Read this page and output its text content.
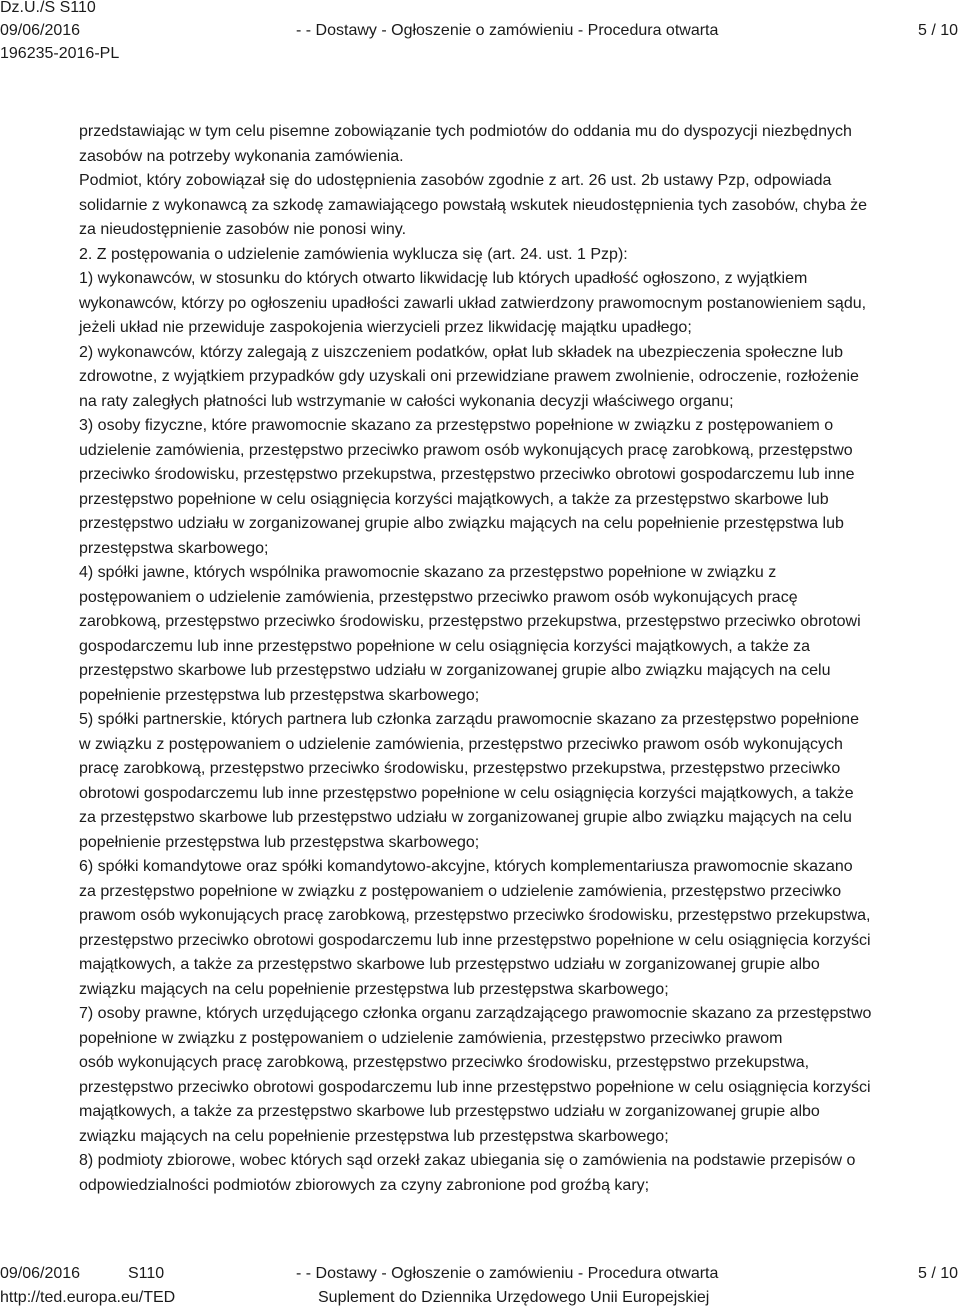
Dz.U./S S110
09/06/2016
196235-2016-PL
- - Dostawy - Ogłoszenie o zamówieniu - Procedura otwarta	5 / 10
przedstawiając w tym celu pisemne zobowiązanie tych podmiotów do oddania mu do dyspozycji niezbędnych
zasobów na potrzeby wykonania zamówienia.
Podmiot, który zobowiązał się do udostępnienia zasobów zgodnie z art. 26 ust. 2b ustawy Pzp, odpowiada
solidarnie z wykonawcą za szkodę zamawiającego powstałą wskutek nieudostępnienia tych zasobów, chyba że
za nieudostępnienie zasobów nie ponosi winy.
2. Z postępowania o udzielenie zamówienia wyklucza się (art. 24. ust. 1 Pzp):
1) wykonawców, w stosunku do których otwarto likwidację lub których upadłość ogłoszono, z wyjątkiem
wykonawców, którzy po ogłoszeniu upadłości zawarli układ zatwierdzony prawomocnym postanowieniem sądu,
jeżeli układ nie przewiduje zaspokojenia wierzycieli przez likwidację majątku upadłego;
2) wykonawców, którzy zalegają z uiszczeniem podatków, opłat lub składek na ubezpieczenia społeczne lub
zdrowotne, z wyjątkiem przypadków gdy uzyskali oni przewidziane prawem zwolnienie, odroczenie, rozłożenie
na raty zaległych płatności lub wstrzymanie w całości wykonania decyzji właściwego organu;
3) osoby fizyczne, które prawomocnie skazano za przestępstwo popełnione w związku z postępowaniem o
udzielenie zamówienia, przestępstwo przeciwko prawom osób wykonujących pracę zarobkową, przestępstwo
przeciwko środowisku, przestępstwo przekupstwa, przestępstwo przeciwko obrotowi gospodarczemu lub inne
przestępstwo popełnione w celu osiągnięcia korzyści majątkowych, a także za przestępstwo skarbowe lub
przestępstwo udziału w zorganizowanej grupie albo związku mających na celu popełnienie przestępstwa lub
przestępstwa skarbowego;
4) spółki jawne, których wspólnika prawomocnie skazano za przestępstwo popełnione w związku z
postępowaniem o udzielenie zamówienia, przestępstwo przeciwko prawom osób wykonujących pracę
zarobkową, przestępstwo przeciwko środowisku, przestępstwo przekupstwa, przestępstwo przeciwko obrotowi
gospodarczemu lub inne przestępstwo popełnione w celu osiągnięcia korzyści majątkowych, a także za
przestępstwo skarbowe lub przestępstwo udziału w zorganizowanej grupie albo związku mających na celu
popełnienie przestępstwa lub przestępstwa skarbowego;
5) spółki partnerskie, których partnera lub członka zarządu prawomocnie skazano za przestępstwo popełnione
w związku z postępowaniem o udzielenie zamówienia, przestępstwo przeciwko prawom osób wykonujących
pracę zarobkową, przestępstwo przeciwko środowisku, przestępstwo przekupstwa, przestępstwo przeciwko
obrotowi gospodarczemu lub inne przestępstwo popełnione w celu osiągnięcia korzyści majątkowych, a także
za przestępstwo skarbowe lub przestępstwo udziału w zorganizowanej grupie albo związku mających na celu
popełnienie przestępstwa lub przestępstwa skarbowego;
6) spółki komandytowe oraz spółki komandytowo-akcyjne, których komplementariusza prawomocnie skazano
za przestępstwo popełnione w związku z postępowaniem o udzielenie zamówienia, przestępstwo przeciwko
prawom osób wykonujących pracę zarobkową, przestępstwo przeciwko środowisku, przestępstwo przekupstwa,
przestępstwo przeciwko obrotowi gospodarczemu lub inne przestępstwo popełnione w celu osiągnięcia korzyści
majątkowych, a także za przestępstwo skarbowe lub przestępstwo udziału w zorganizowanej grupie albo
związku mających na celu popełnienie przestępstwa lub przestępstwa skarbowego;
7) osoby prawne, których urzędującego członka organu zarządzającego prawomocnie skazano za przestępstwo
popełnione w związku z postępowaniem o udzielenie zamówienia, przestępstwo przeciwko prawom
osób wykonujących pracę zarobkową, przestępstwo przeciwko środowisku, przestępstwo przekupstwa,
przestępstwo przeciwko obrotowi gospodarczemu lub inne przestępstwo popełnione w celu osiągnięcia korzyści
majątkowych, a także za przestępstwo skarbowe lub przestępstwo udziału w zorganizowanej grupie albo
związku mających na celu popełnienie przestępstwa lub przestępstwa skarbowego;
8) podmioty zbiorowe, wobec których sąd orzekł zakaz ubiegania się o zamówienia na podstawie przepisów o
odpowiedzialności podmiotów zbiorowych za czyny zabronione pod groźbą kary;
09/06/2016	S110
http://ted.europa.eu/TED
- - Dostawy - Ogłoszenie o zamówieniu - Procedura otwarta
Suplement do Dziennika Urzędowego Unii Europejskiej
5 / 10
